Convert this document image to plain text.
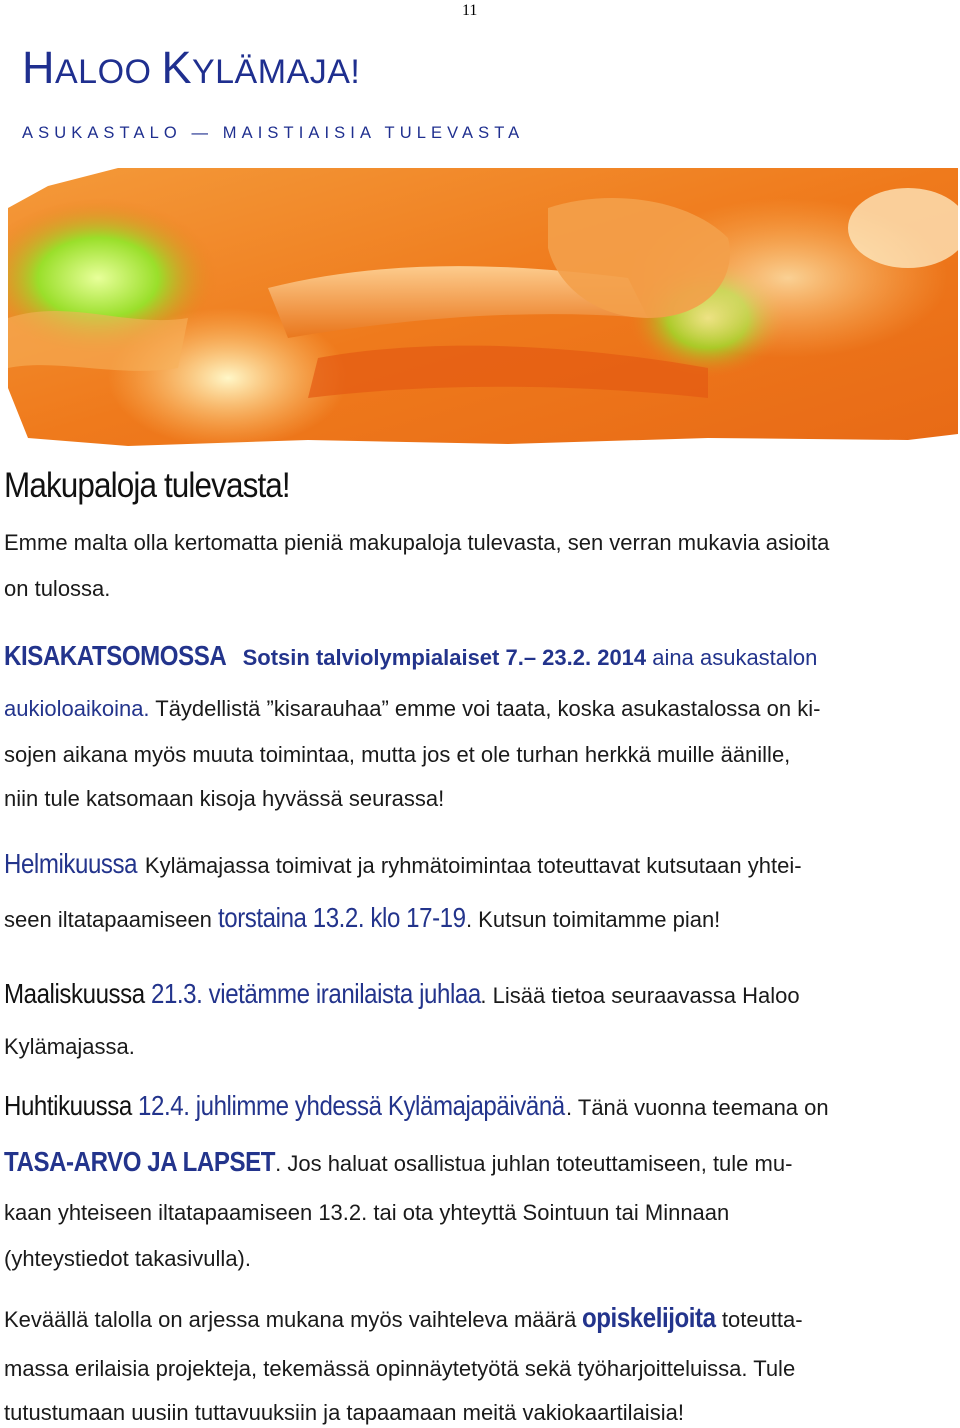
11
HALOO KYLÄMAJA!
ASUKASTALO — MAISTIAISIA TULEVASTA
Makupaloja tulevasta!
Emme malta olla kertomatta pieniä makupaloja tulevasta, sen verran mukavia asioita
on tulossa.
KISAKATSOMOSSA Sotsin talviolympialaiset 7.– 23.2. 2014 aina asukastalon
aukioloaikoina. Täydellistä ”kisarauhaa” emme voi taata, koska asukastalossa on ki-
sojen aikana myös muuta toimintaa, mutta jos et ole turhan herkkä muille äänille,
niin tule katsomaan kisoja hyvässä seurassa!
Helmikuussa Kylämajassa toimivat ja ryhmätoimintaa toteuttavat kutsutaan yhtei-
seen iltatapaamiseen torstaina 13.2. klo 17-19. Kutsun toimitamme pian!
Maaliskuussa 21.3. vietämme iranilaista juhlaa. Lisää tietoa seuraavassa Haloo
Kylämajassa.
Huhtikuussa 12.4. juhlimme yhdessä Kylämajapäivänä. Tänä vuonna teemana on
TASA-ARVO JA LAPSET. Jos haluat osallistua juhlan toteuttamiseen, tule mu-
kaan yhteiseen iltatapaamiseen 13.2. tai ota yhteyttä Sointuun tai Minnaan
(yhteystiedot takasivulla).
Keväällä talolla on arjessa mukana myös vaihteleva määrä opiskelijoita toteutta-
massa erilaisia projekteja, tekemässä opinnäytetyötä sekä työharjoitteluissa. Tule
tutustumaan uusiin tuttavuuksiin ja tapaamaan meitä vakiokaartilaisia!
